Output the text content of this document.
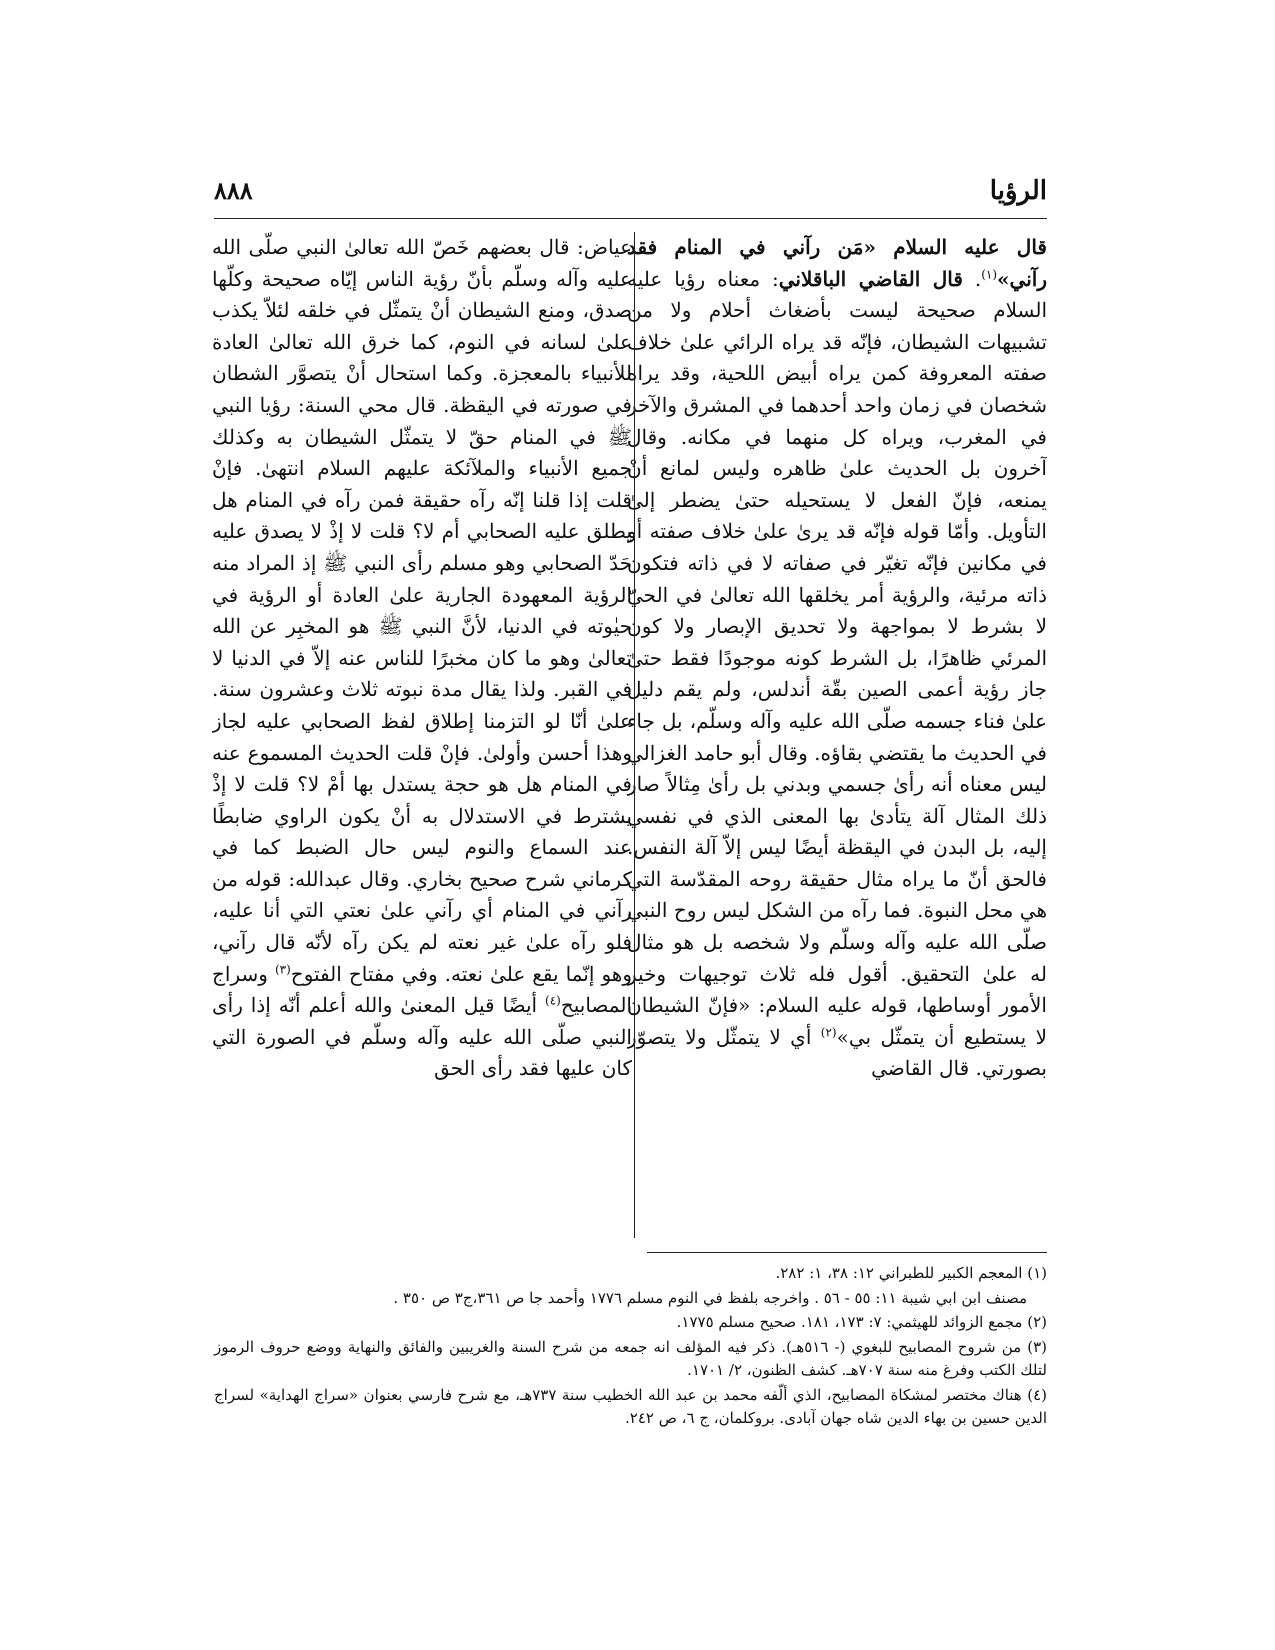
الرؤيا
٨٨٨

قال عليه السلام «مَن رآني في المنام فقد رآني»$^{(١)}$. قال القاضي الباقلاني: معناه رؤيا عليه السلام صحيحة ليست بأضغاث أحلام ولا من تشبيهات الشيطان، فإنّه قد يراه الرائي علىٰ خلاف صفته المعروفة كمن يراه أبيض اللحية، وقد يراه شخصان في زمان واحد أحدهما في المشرق والآخر في المغرب، ويراه كل منهما في مكانه. وقال آخرون بل الحديث علىٰ ظاهره وليس لمانع أنْ يمنعه، فإنّ الفعل لا يستحيله حتىٰ يضطر إلىٰ التأويل. وأمّا قوله فإنّه قد يرىٰ علىٰ خلاف صفته أو في مكانين فإنّه تغيّر في صفاته لا في ذاته فتكون ذاته مرئية، والرؤية أمر يخلقها الله تعالىٰ في الحيّ لا بشرط لا بمواجهة ولا تحديق الإبصار ولا كون المرئي ظاهرًا، بل الشرط كونه موجودًا فقط حتىٰ جاز رؤية أعمى الصين بقّة أندلس، ولم يقم دليل علىٰ فناء جسمه صلّى الله عليه وآله وسلّم، بل جاء في الحديث ما يقتضي بقاؤه. وقال أبو حامد الغزالي ليس معناه أنه رأىٰ جسمي وبدني بل رأىٰ مِثالاً صار ذلك المثال آلة يتأدىٰ بها المعنى الذي في نفسي إليه، بل البدن في اليقظة أيضًا ليس إلاّ آلة النفس. فالحق أنّ ما يراه مثال حقيقة روحه المقدّسة التي هي محل النبوة. فما رآه من الشكل ليس روح النبي صلّى الله عليه وآله وسلّم ولا شخصه بل هو مثال له علىٰ التحقيق. أقول فله ثلاث توجيهات وخير الأمور أوساطها، قوله عليه السلام: «فإنّ الشيطان لا يستطيع أن يتمثّل بي»$^{(٢)}$ أي لا يتمثّل ولا يتصوّر بصورتي. قال القاضي

عياض: قال بعضهم خَصّ الله تعالىٰ النبي صلّى الله عليه وآله وسلّم بأنّ رؤية الناس إيّاه صحيحة وكلّها صدق، ومنع الشيطان أنْ يتمثّل في خلقه لئلاّ يكذب علىٰ لسانه في النوم، كما خرق الله تعالىٰ العادة للأنبياء بالمعجزة. وكما استحال أنْ يتصوَّر الشطان في صورته في اليقظة. قال محي السنة: رؤيا النبي ﷺ في المنام حقّ لا يتمثّل الشيطان به وكذلك جميع الأنبياء والملآئكة عليهم السلام انتهىٰ. فإنْ قلت إذا قلنا إنّه رآه حقيقة فمن رآه في المنام هل يطلق عليه الصحابي أم لا؟ قلت لا إذْ لا يصدق عليه حَدّ الصحابي وهو مسلم رأى النبي ﷺ إذ المراد منه الرؤية المعهودة الجارية علىٰ العادة أو الرؤية في حيٰوته في الدنيا، لأنَّ النبي ﷺ هو المخبِر عن الله تعالىٰ وهو ما كان مخبرًا للناس عنه إلاّ في الدنيا لا في القبر. ولذا يقال مدة نبوته ثلاث وعشرون سنة. علىٰ أنّا لو التزمنا إطلاق لفظ الصحابي عليه لجاز وهذا أحسن وأولىٰ. فإنْ قلت الحديث المسموع عنه في المنام هل هو حجة يستدل بها أمْ لا؟ قلت لا إذْ يشترط في الاستدلال به أنْ يكون الراوي ضابطًا عند السماع والنوم ليس حال الضبط كما في كرماني شرح صحيح بخاري. وقال عبدالله: قوله من رآني في المنام أي رآني علىٰ نعتي التي أنا عليه، فلو رآه علىٰ غير نعته لم يكن رآه لأنّه قال رآني، وهو إنّما يقع علىٰ نعته. وفي مفتاح الفتوح$^{(٣)}$ وسراج المصابيح$^{(٤)}$ أيضًا قيل المعنىٰ والله أعلم أنّه إذا رأى النبي صلّى الله عليه وآله وسلّم في الصورة التي كان عليها فقد رأى الحق

(١) المعجم الكبير للطبراني ١٢: ٣٨، ١: ٢٨٢.

مصنف ابن ابي شيبة ١١: ٥٥ - ٥٦ . واخرجه بلفظ في النوم مسلم ١٧٧٦ وأحمد جا ص ٣٦١،ج٣ ص ٣٥٠ .

(٢) مجمع الزوائد للهيثمي: ٧: ١٧٣، ١٨١. صحيح مسلم ١٧٧٥.

(٣) من شروح المصابيح للبغوي (- ٥١٦هـ). ذكر فيه المؤلف انه جمعه من شرح السنة والغريبين والفائق والنهاية ووضع حروف الرموز لتلك الكتب وفرغ منه سنة ٧٠٧هـ. كشف الظنون، ٢/ ١٧٠١.

(٤) هناك مختصر لمشكاة المصابيح، الذي ألّفه محمد بن عبد الله الخطيب سنة ٧٣٧هـ، مع شرح فارسي بعنوان «سراج الهداية» لسراج الدين حسين بن بهاء الدين شاه جهان آبادى. بروكلمان، ج ٦، ص ٢٤٢.
